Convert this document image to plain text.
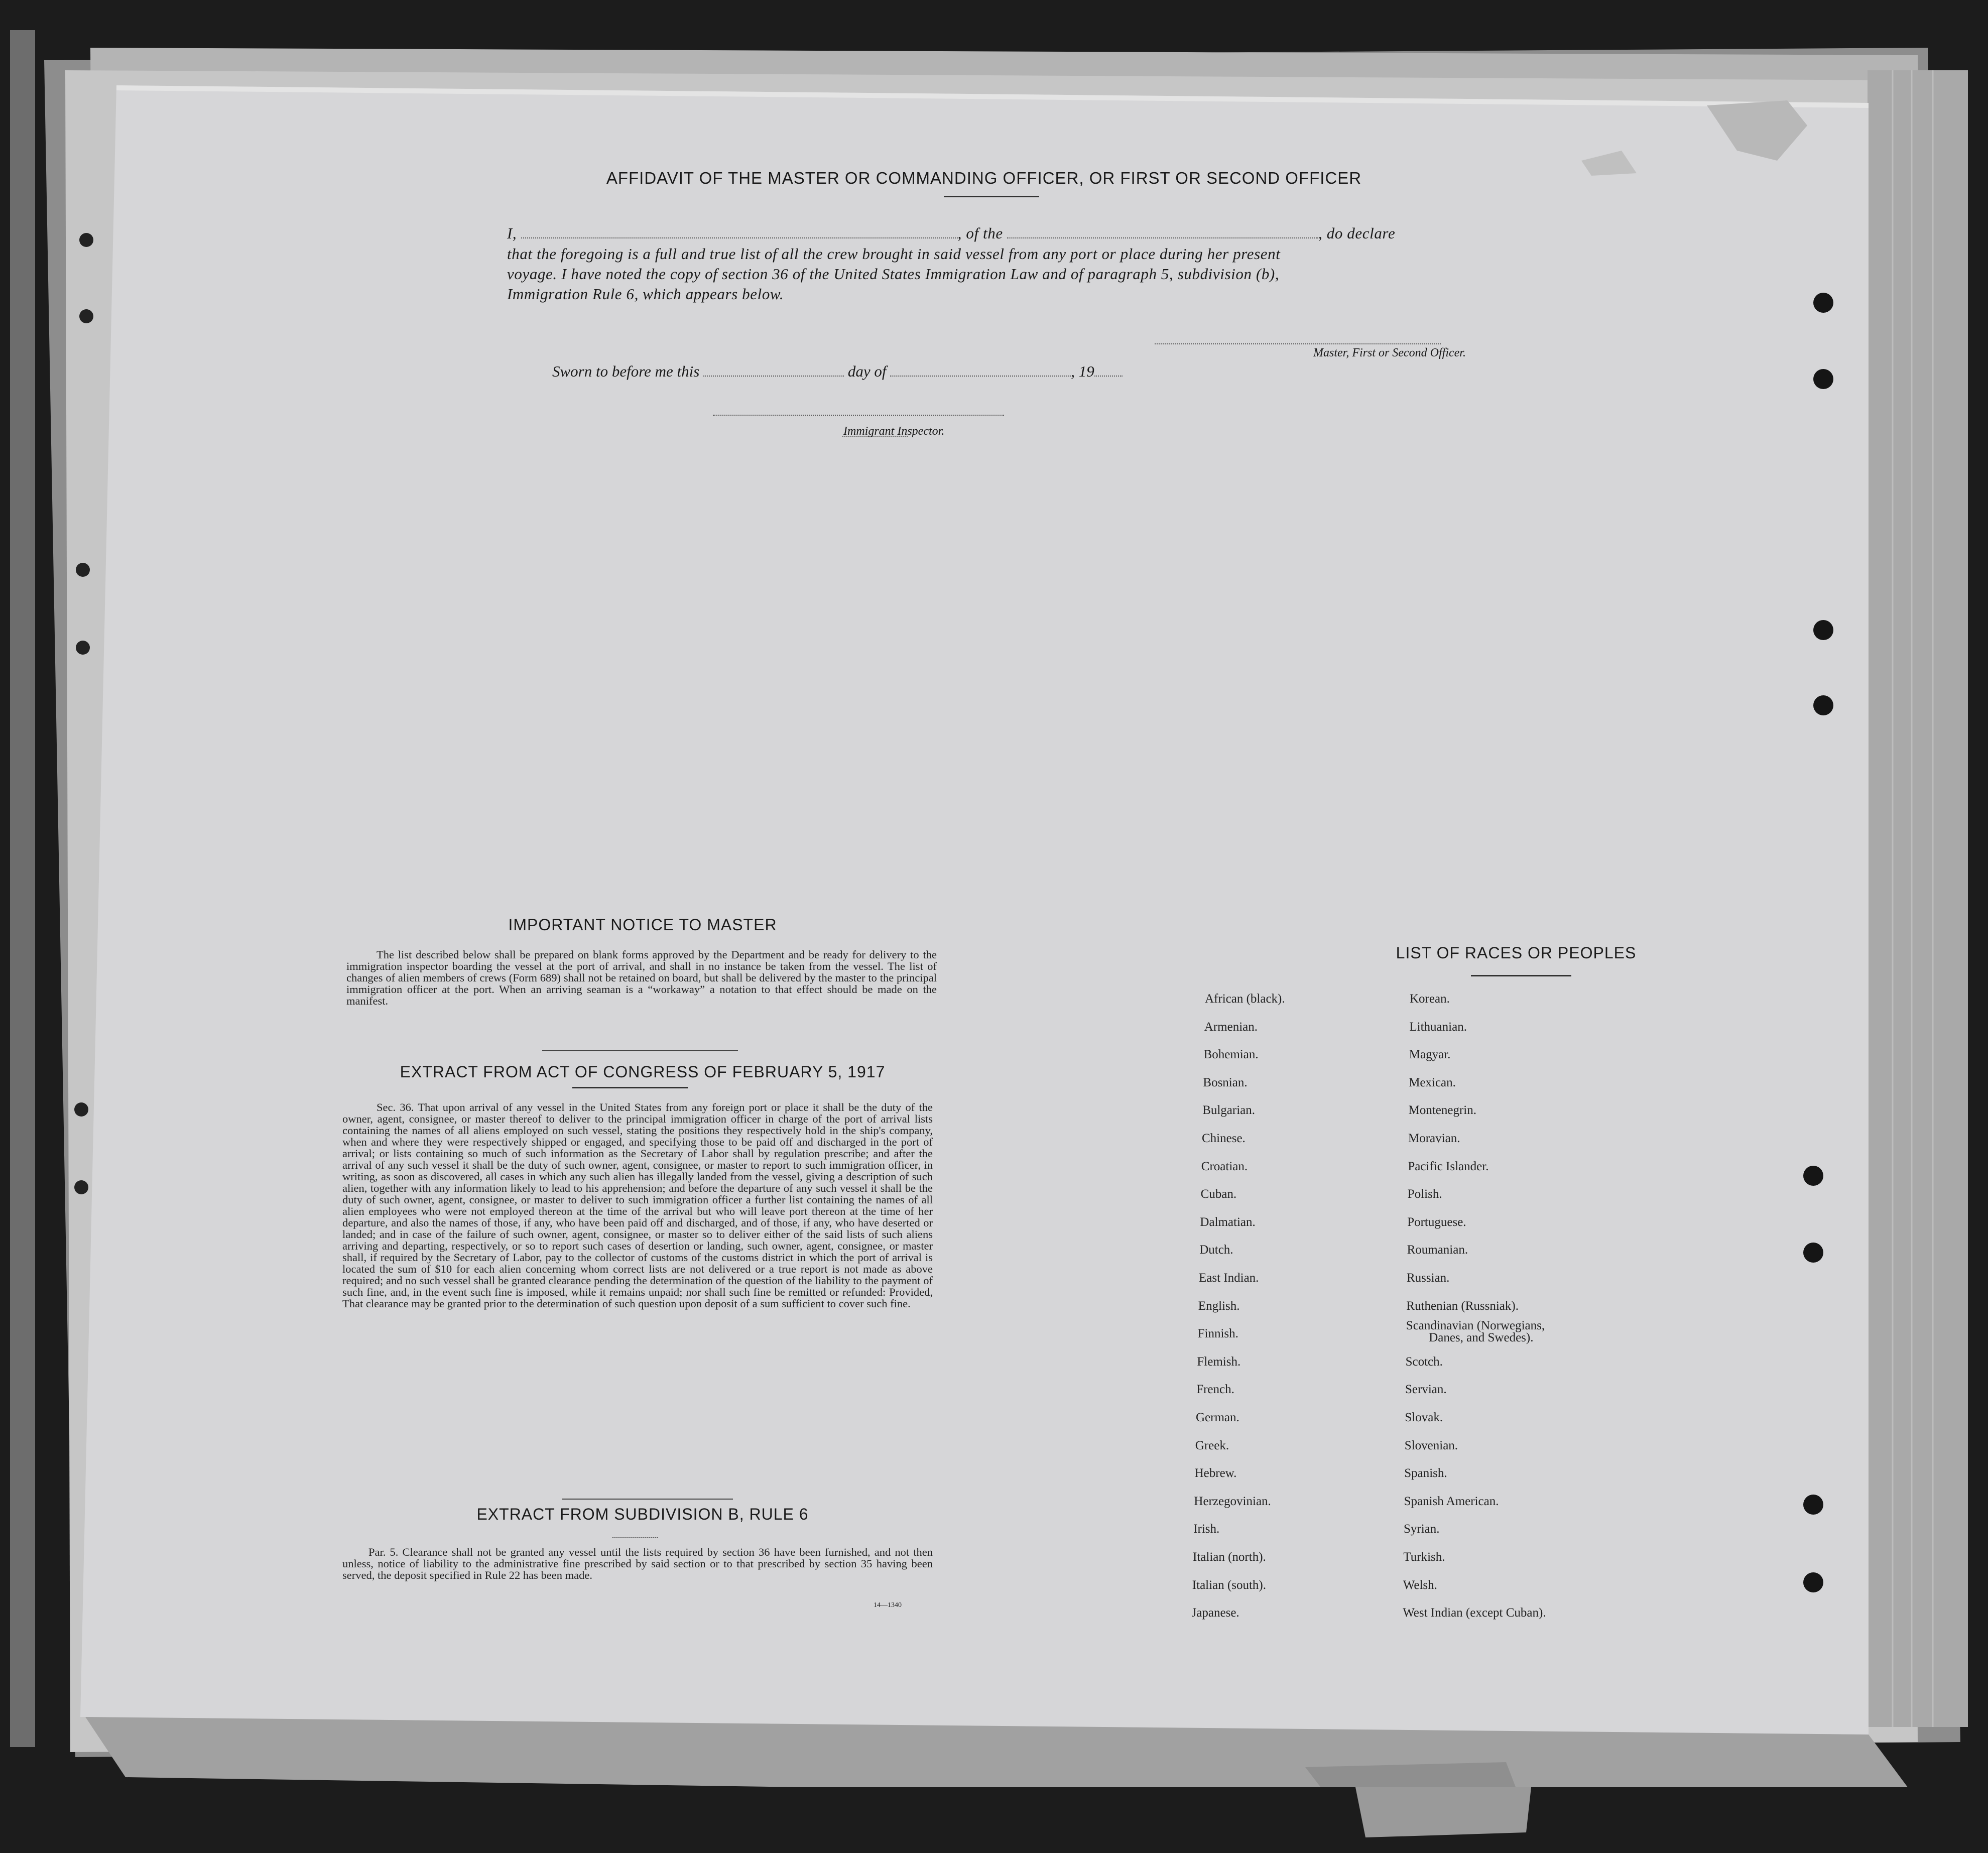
AFFIDAVIT OF THE MASTER OR COMMANDING OFFICER, OR FIRST OR SECOND OFFICER
I,	, of the	, do declare
that the foregoing is a full and true list of all the crew brought in said vessel from any port or place during her present
voyage. I have noted the copy of section 36 of the United States Immigration Law and of paragraph 5, subdivision (b),
Immigration Rule 6, which appears below.
Master, First or Second Officer.
Sworn to before me this	day of	, 19
Immigrant Inspector.
IMPORTANT NOTICE TO MASTER
The list described below shall be prepared on blank forms approved by the Department and be ready for delivery to the immigration inspector boarding the vessel at the port of arrival, and shall in no instance be taken from the vessel. The list of changes of alien members of crews (Form 689) shall not be retained on board, but shall be delivered by the master to the principal immigration officer at the port. When an arriving seaman is a “workaway” a notation to that effect should be made on the manifest.
EXTRACT FROM ACT OF CONGRESS OF FEBRUARY 5, 1917
Sec. 36. That upon arrival of any vessel in the United States from any foreign port or place it shall be the duty of the owner, agent, consignee, or master thereof to deliver to the principal immigration officer in charge of the port of arrival lists containing the names of all aliens employed on such vessel, stating the positions they respectively hold in the ship's company, when and where they were respectively shipped or engaged, and specifying those to be paid off and discharged in the port of arrival; or lists containing so much of such information as the Secretary of Labor shall by regulation prescribe; and after the arrival of any such vessel it shall be the duty of such owner, agent, consignee, or master to report to such immigration officer, in writing, as soon as discovered, all cases in which any such alien has illegally landed from the vessel, giving a description of such alien, together with any information likely to lead to his apprehension; and before the departure of any such vessel it shall be the duty of such owner, agent, consignee, or master to deliver to such immigration officer a further list containing the names of all alien employees who were not employed thereon at the time of the arrival but who will leave port thereon at the time of her departure, and also the names of those, if any, who have been paid off and discharged, and of those, if any, who have deserted or landed; and in case of the failure of such owner, agent, consignee, or master so to deliver either of the said lists of such aliens arriving and departing, respectively, or so to report such cases of desertion or landing, such owner, agent, consignee, or master shall, if required by the Secretary of Labor, pay to the collector of customs of the customs district in which the port of arrival is located the sum of $10 for each alien concerning whom correct lists are not delivered or a true report is not made as above required; and no such vessel shall be granted clearance pending the determination of the question of the liability to the payment of such fine, and, in the event such fine is imposed, while it remains unpaid; nor shall such fine be remitted or refunded: Provided, That clearance may be granted prior to the determination of such question upon deposit of a sum sufficient to cover such fine.
EXTRACT FROM SUBDIVISION B, RULE 6
Par. 5. Clearance shall not be granted any vessel until the lists required by section 36 have been furnished, and not then unless, notice of liability to the administrative fine prescribed by said section or to that prescribed by section 35 having been served, the deposit specified in Rule 22 has been made.
14—1340
LIST OF RACES OR PEOPLES
African (black).
Armenian.
Bohemian.
Bosnian.
Bulgarian.
Chinese.
Croatian.
Cuban.
Dalmatian.
Dutch.
East Indian.
English.
Finnish.
Flemish.
French.
German.
Greek.
Hebrew.
Herzegovinian.
Irish.
Italian (north).
Italian (south).
Japanese.
Korean.
Lithuanian.
Magyar.
Mexican.
Montenegrin.
Moravian.
Pacific Islander.
Polish.
Portuguese.
Roumanian.
Russian.
Ruthenian (Russniak).
Scandinavian (Norwegians,
Danes, and Swedes).
Scotch.
Servian.
Slovak.
Slovenian.
Spanish.
Spanish American.
Syrian.
Turkish.
Welsh.
West Indian (except Cuban).
